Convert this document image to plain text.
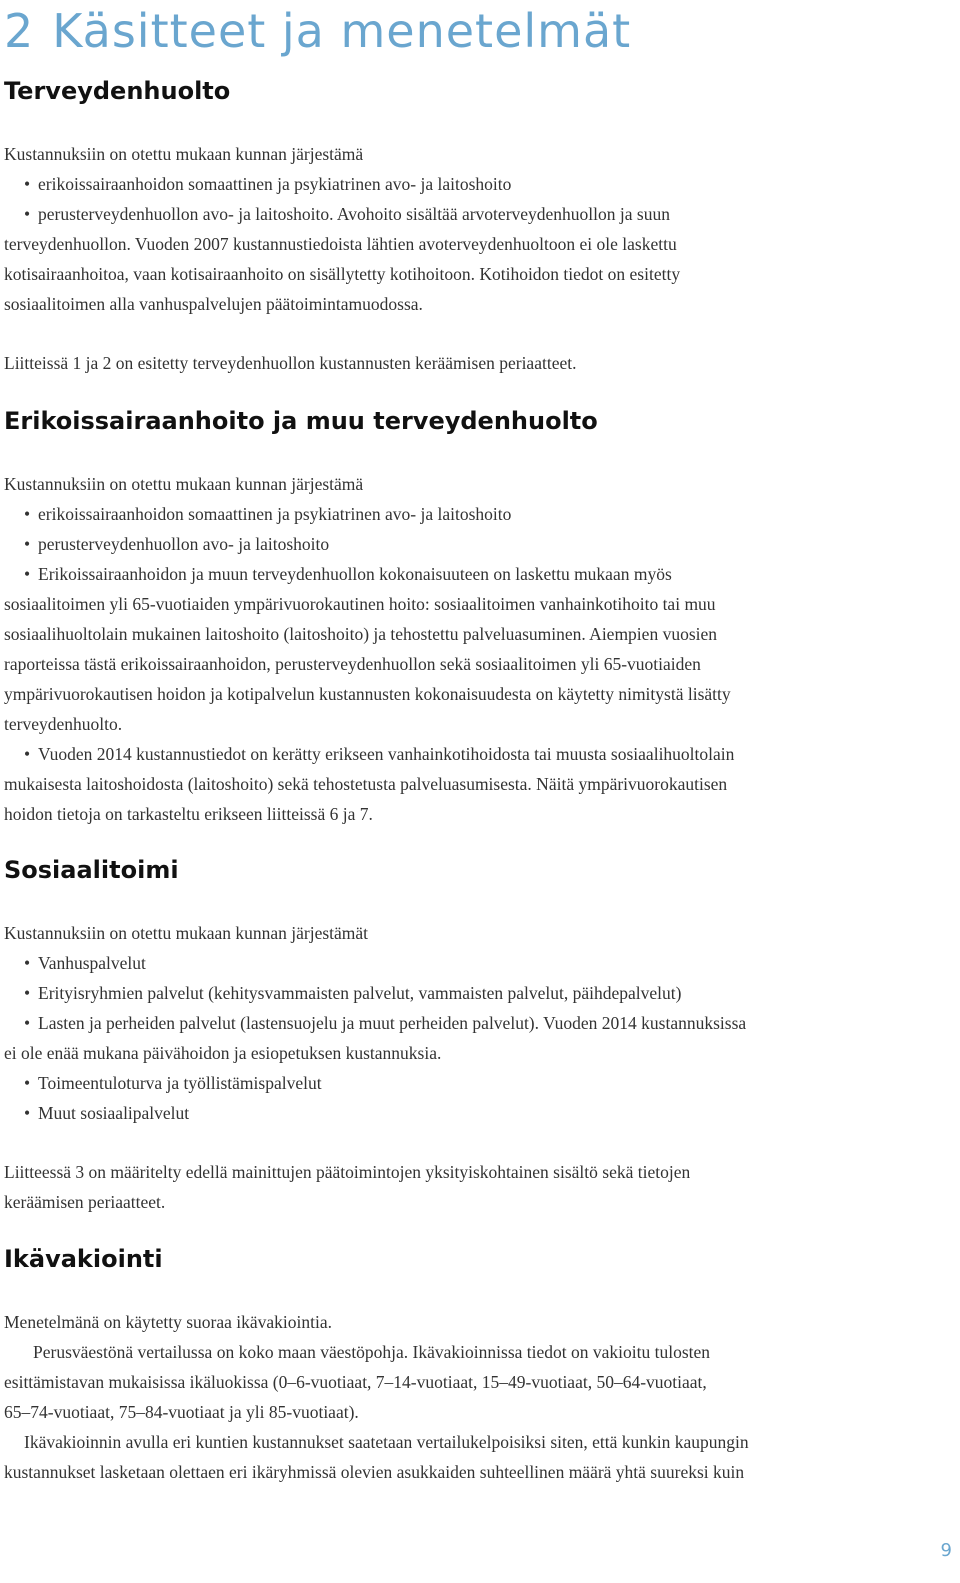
2 Käsitteet ja menetelmät
Terveydenhuolto

Kustannuksiin on otettu mukaan kunnan järjestämä

• erikoissairaanhoidon somaattinen ja psykiatrinen avo- ja laitoshoito

• perusterveydenhuollon avo- ja laitoshoito. Avohoito sisältää arvoterveydenhuollon ja suun

terveydenhuollon. Vuoden 2007 kustannustiedoista lähtien avoterveydenhuoltoon ei ole laskettu

kotisairaanhoitoa, vaan kotisairaanhoito on sisällytetty kotihoitoon. Kotihoidon tiedot on esitetty

sosiaalitoimen alla vanhuspalvelujen päätoimintamuodossa.

Liitteissä 1 ja 2 on esitetty terveydenhuollon kustannusten keräämisen periaatteet.

Erikoissairaanhoito ja muu terveydenhuolto

Kustannuksiin on otettu mukaan kunnan järjestämä

• erikoissairaanhoidon somaattinen ja psykiatrinen avo- ja laitoshoito

• perusterveydenhuollon avo- ja laitoshoito

• Erikoissairaanhoidon ja muun terveydenhuollon kokonaisuuteen on laskettu mukaan myös

sosiaalitoimen yli 65-vuotiaiden ympärivuorokautinen hoito: sosiaalitoimen vanhainkotihoito tai muu

sosiaalihuoltolain mukainen laitoshoito (laitoshoito) ja tehostettu palveluasuminen. Aiempien vuosien

raporteissa tästä erikoissairaanhoidon, perusterveydenhuollon sekä sosiaalitoimen yli 65-vuotiaiden

ympärivuorokautisen hoidon ja kotipalvelun kustannusten kokonaisuudesta on käytetty nimitystä lisätty

terveydenhuolto.

• Vuoden 2014 kustannustiedot on kerätty erikseen vanhainkotihoidosta tai muusta sosiaalihuoltolain

mukaisesta laitoshoidosta (laitoshoito) sekä tehostetusta palveluasumisesta. Näitä ympärivuorokautisen

hoidon tietoja on tarkasteltu erikseen liitteissä 6 ja 7.

Sosiaalitoimi

Kustannuksiin on otettu mukaan kunnan järjestämät

• Vanhuspalvelut

• Erityisryhmien palvelut (kehitysvammaisten palvelut, vammaisten palvelut, päihdepalvelut)

• Lasten ja perheiden palvelut (lastensuojelu ja muut perheiden palvelut). Vuoden 2014 kustannuksissa

ei ole enää mukana päivähoidon ja esiopetuksen kustannuksia.

• Toimeentuloturva ja työllistämispalvelut

• Muut sosiaalipalvelut

Liitteessä 3 on määritelty edellä mainittujen päätoimintojen yksityiskohtainen sisältö sekä tietojen

keräämisen periaatteet.

Ikävakiointi

Menetelmänä on käytetty suoraa ikävakiointia.

Perusväestönä vertailussa on koko maan väestöpohja. Ikävakioinnissa tiedot on vakioitu tulosten

esittämistavan mukaisissa ikäluokissa (0–6-vuotiaat, 7–14-vuotiaat, 15–49-vuotiaat, 50–64-vuotiaat,

65–74-vuotiaat, 75–84-vuotiaat ja yli 85-vuotiaat).

Ikävakioinnin avulla eri kuntien kustannukset saatetaan vertailukelpoisiksi siten, että kunkin kaupungin

kustannukset lasketaan olettaen eri ikäryhmissä olevien asukkaiden suhteellinen määrä yhtä suureksi kuin

9
